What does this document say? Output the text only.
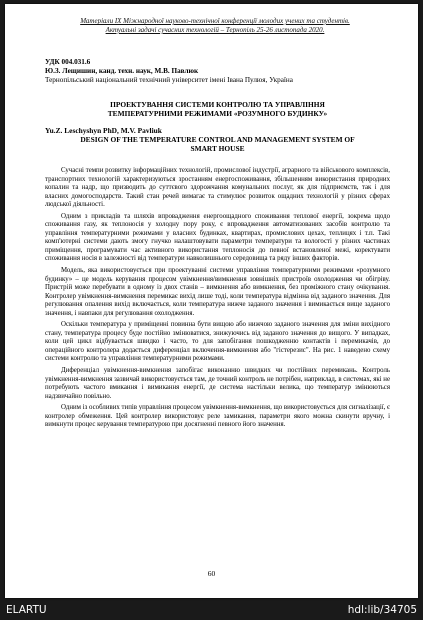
Матеріали IX Міжнародної науково-технічної конференції молодих учених та студентів.
Актуальні задачі сучасних технологій – Тернопіль 25-26 листопада 2020.
УДК 004.031.6
Ю.З. Лещишин, канд. техн. наук, М.В. Павлюк
Тернопільський національний технічний університет імені Івана Пулюя, Україна
ПРОЕКТУВАННЯ СИСТЕМИ КОНТРОЛЮ ТА УПРАВЛІННЯ
ТЕМПЕРАТУРНИМИ РЕЖИМАМИ «РОЗУМНОГО БУДИНКУ»
Yu.Z. Leschyshyn PhD, M.V. Pavliuk
DESIGN OF THE TEMPERATURE CONTROL AND MANAGEMENT SYSTEM OF
SMART HOUSE

Сучасні темпи розвитку інформаційних технологій, промислової індустрії, аграрного та військового комплексів, транспортних технологій характеризуються зростанням енергоспоживання, збільшенням використання природних копалин та надр, що призводить до суттєвого здорожчання комунальних послуг, як для підприємств, так і для власних домогосподарств. Такий стан речей вимагає та стимулює розвиток ощадних технологій у різних сферах людської діяльності.

Одним з прикладів та шляхів впровадження енергоощадного споживання теплової енергії, зокрема щодо споживання газу, як теплоносія у холодну пору року, є впровадження автоматизованих засобів контролю та управління температурними режимами у власних будинках, квартирах, промислових цехах, теплицях і т.п. Такі комп'ютерні системи дають змогу гнучко налаштовувати параметри температури та вологості у різних частинах приміщення, програмувати час активного використання теплоносія до певної встановленої межі, коректувати споживання носія в залежності від температури навколишнього середовища та ряду інших факторів.

Модель, яка використовується при проектуванні системи управління температурними режимами «розумного будинку» – це модель керування процесом увімкнення/вимкнення зовнішніх пристроїв охолодження чи обігріву. Пристрій може перебувати в одному із двох станів – вимкнення або вимкнення, без проміжного стану очікування. Контролер увімкнення-вимкнення перемикає вихід лише тоді, коли температура відмінна від заданого значення. Для регулювання опалення вихід включається, коли температура нижче заданого значення і вимикається вище заданого значення, і навпаки для регулювання охолодження.

Оскільки температура у приміщенні повинна бути вищою або нижчою заданого значення для зміни вихідного стану, температура процесу буде постійно змінюватися, знижуючись від заданого значення до вищого. У випадках, коли цей цикл відбувається швидко і часто, то для запобігання пошкодженню контактів і перемикачів, до операційного контролера додається диференціал включення-вимкнення або "гістерезис". На рис. 1 наведено схему системи контролю та управління температурними режимами.

Диференціал увімкнення-вимкнення запобігає виконанню швидких чи постійних перемикань. Контроль увімкнення-вимкнення зазвичай використовується там, де точний контроль не потрібен, наприклад, в системах, які не потребують частого вмикання і вимикання енергії, де система настільки велика, що температур змінюються надзвичайно повільно.

Одним із особливих типів управління процесом увімкнення-вимкнення, що використовується для сигналізації, є контролер обмеження. Цей контролер використовує реле замикання, параметри якого можна скинути вручну, і вимкнути процес керування температурою при досягненні певного його значення.

60
ELARTU	hdl:lib/34705
